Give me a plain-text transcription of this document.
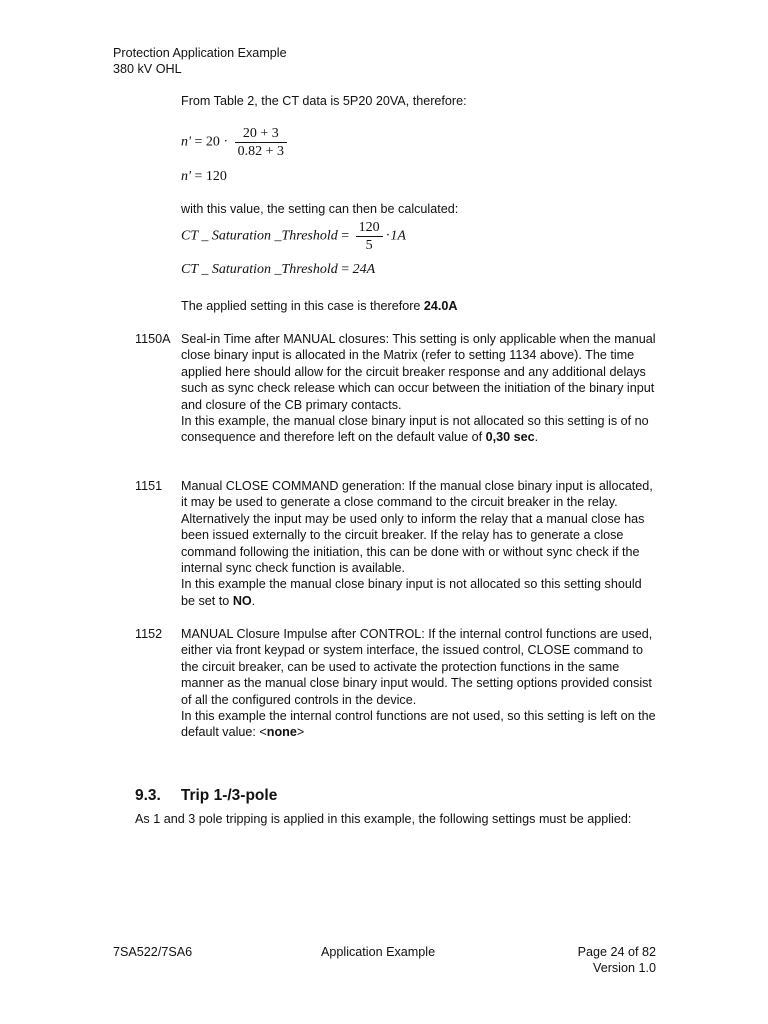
Protection Application Example
380 kV OHL
From Table 2, the CT data is 5P20 20VA, therefore:
$n' = 20 \cdot \frac{20 + 3}{0.82 + 3}$
n' = 120
with this value, the setting can then be calculated:
CT _ Saturation _Threshold = $\frac{120}{5} \cdot 1A$
CT _ Saturation _Threshold = 24A
The applied setting in this case is therefore 24.0A
1150A Seal-in Time after MANUAL closures: This setting is only applicable when the manual close binary input is allocated in the Matrix (refer to setting 1134 above). The time applied here should allow for the circuit breaker response and any additional delays such as sync check release which can occur between the initiation of the binary input and closure of the CB primary contacts.

In this example, the manual close binary input is not allocated so this setting is of no consequence and therefore left on the default value of 0,30 sec.

1151 Manual CLOSE COMMAND generation: If the manual close binary input is allocated, it may be used to generate a close command to the circuit breaker in the relay. Alternatively the input may be used only to inform the relay that a manual close has been issued externally to the circuit breaker. If the relay has to generate a close command following the initiation, this can be done with or without sync check if the internal sync check function is available.

In this example the manual close binary input is not allocated so this setting should be set to NO.

1152 MANUAL Closure Impulse after CONTROL: If the internal control functions are used, either via front keypad or system interface, the issued control, CLOSE command to the circuit breaker, can be used to activate the protection functions in the same manner as the manual close binary input would. The setting options provided consist of all the configured controls in the device.

In this example the internal control functions are not used, so this setting is left on the default value: <none>

9.3. Trip 1-/3-pole
As 1 and 3 pole tripping is applied in this example, the following settings must be applied:
7SA522/7SA6	Application Example	Page 24 of 82
Version 1.0
